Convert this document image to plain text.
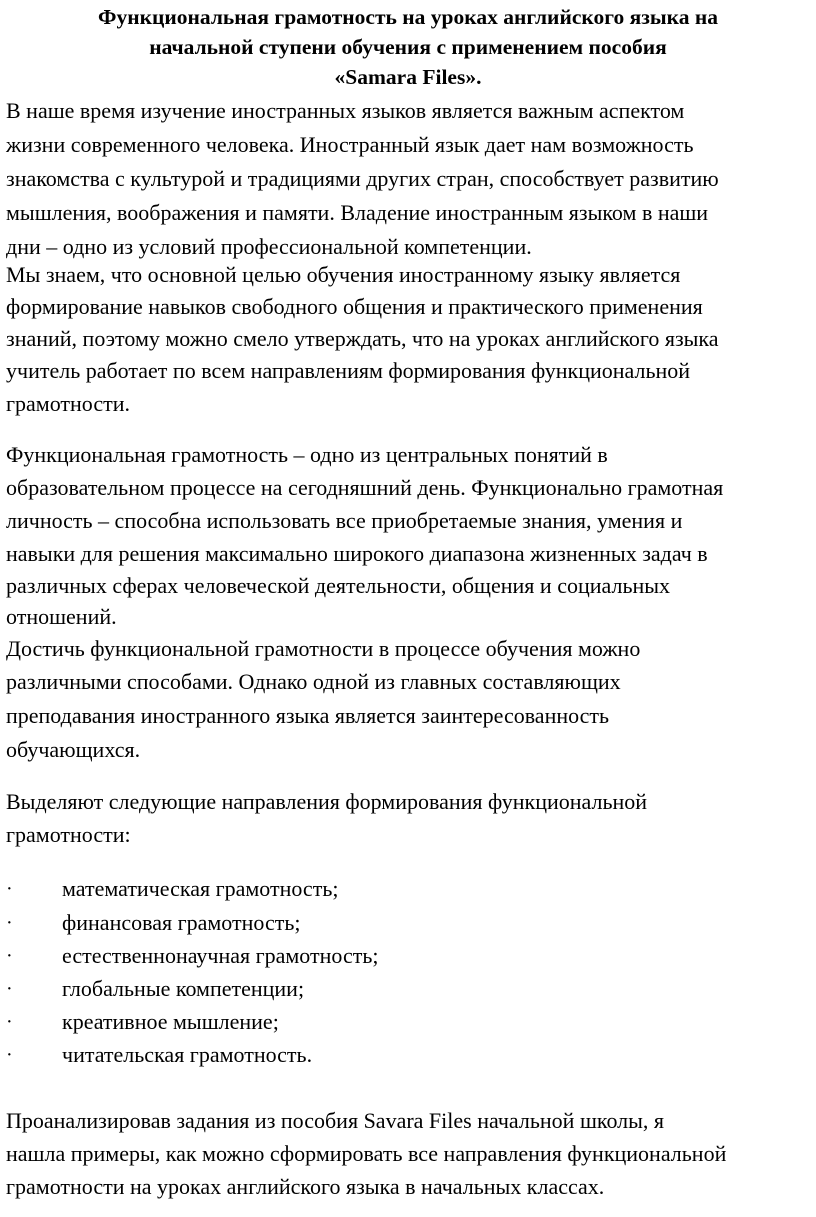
Функциональная грамотность на уроках английского языка на
начальной ступени обучения с применением пособия
«Samara Files».

В наше время изучение иностранных языков является важным аспектом

жизни современного человека. Иностранный язык дает нам возможность

знакомства с культурой и традициями других стран, способствует развитию

мышления, воображения и памяти. Владение иностранным языком в наши

дни – одно из условий профессиональной компетенции.

Мы знаем, что основной целью обучения иностранному языку является

формирование навыков свободного общения и практического применения

знаний, поэтому можно смело утверждать, что на уроках английского языка

учитель работает по всем направлениям формирования функциональной

грамотности.

Функциональная грамотность – одно из центральных понятий в

образовательном процессе на сегодняшний день. Функционально грамотная

личность – способна использовать все приобретаемые знания, умения и

навыки для решения максимально широкого диапазона жизненных задач в

различных сферах человеческой деятельности, общения и социальных

отношений.

Достичь функциональной грамотности в процессе обучения можно

различными способами. Однако одной из главных составляющих

преподавания иностранного языка является заинтересованность

обучающихся.

Выделяют следующие направления формирования функциональной

грамотности:

· математическая грамотность;
· финансовая грамотность;
· естественнонаучная грамотность;
· глобальные компетенции;
· креативное мышление;
· читательская грамотность.

Проанализировав задания из пособия Savara Files начальной школы, я

нашла примеры, как можно сформировать все направления функциональной

грамотности на уроках английского языка в начальных классах.
